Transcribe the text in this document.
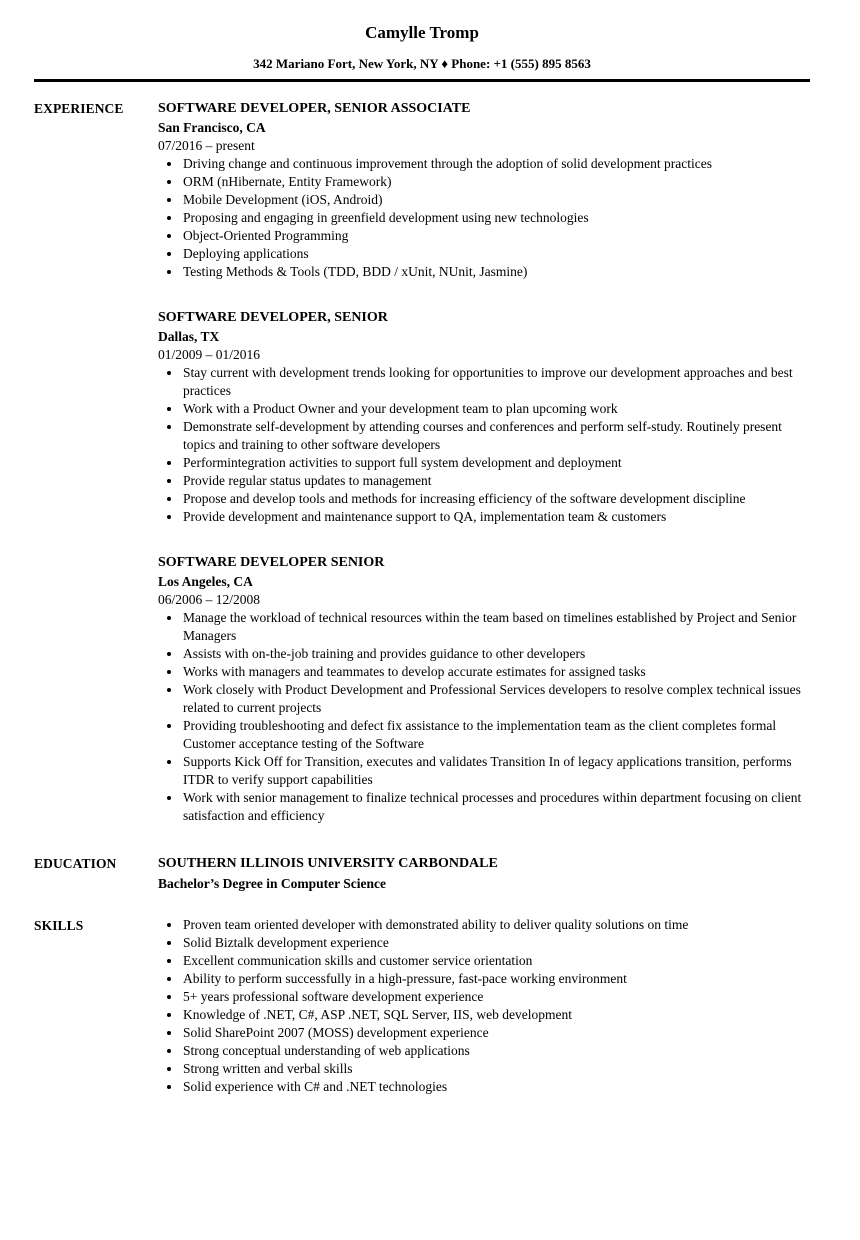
Camylle Tromp
342 Mariano Fort, New York, NY ♦ Phone: +1 (555) 895 8563
EXPERIENCE	SOFTWARE DEVELOPER, SENIOR ASSOCIATE
San Francisco, CA
07/2016 – present
• Driving change and continuous improvement through the adoption of solid development practices
• ORM (nHibernate, Entity Framework)
• Mobile Development (iOS, Android)
• Proposing and engaging in greenfield development using new technologies
• Object-Oriented Programming
• Deploying applications
• Testing Methods & Tools (TDD, BDD / xUnit, NUnit, Jasmine)
SOFTWARE DEVELOPER, SENIOR
Dallas, TX
01/2009 – 01/2016
• Stay current with development trends looking for opportunities to improve our development approaches and best practices
• Work with a Product Owner and your development team to plan upcoming work
• Demonstrate self-development by attending courses and conferences and perform self-study. Routinely present topics and training to other software developers
• Performintegration activities to support full system development and deployment
• Provide regular status updates to management
• Propose and develop tools and methods for increasing efficiency of the software development discipline
• Provide development and maintenance support to QA, implementation team & customers
SOFTWARE DEVELOPER SENIOR
Los Angeles, CA
06/2006 – 12/2008
• Manage the workload of technical resources within the team based on timelines established by Project and Senior Managers
• Assists with on-the-job training and provides guidance to other developers
• Works with managers and teammates to develop accurate estimates for assigned tasks
• Work closely with Product Development and Professional Services developers to resolve complex technical issues related to current projects
• Providing troubleshooting and defect fix assistance to the implementation team as the client completes formal Customer acceptance testing of the Software
• Supports Kick Off for Transition, executes and validates Transition In of legacy applications transition, performs ITDR to verify support capabilities
• Work with senior management to finalize technical processes and procedures within department focusing on client satisfaction and efficiency
EDUCATION	SOUTHERN ILLINOIS UNIVERSITY CARBONDALE
Bachelor’s Degree in Computer Science
SKILLS	• Proven team oriented developer with demonstrated ability to deliver quality solutions on time
• Solid Biztalk development experience
• Excellent communication skills and customer service orientation
• Ability to perform successfully in a high-pressure, fast-pace working environment
• 5+ years professional software development experience
• Knowledge of .NET, C#, ASP .NET, SQL Server, IIS, web development
• Solid SharePoint 2007 (MOSS) development experience
• Strong conceptual understanding of web applications
• Strong written and verbal skills
• Solid experience with C# and .NET technologies
